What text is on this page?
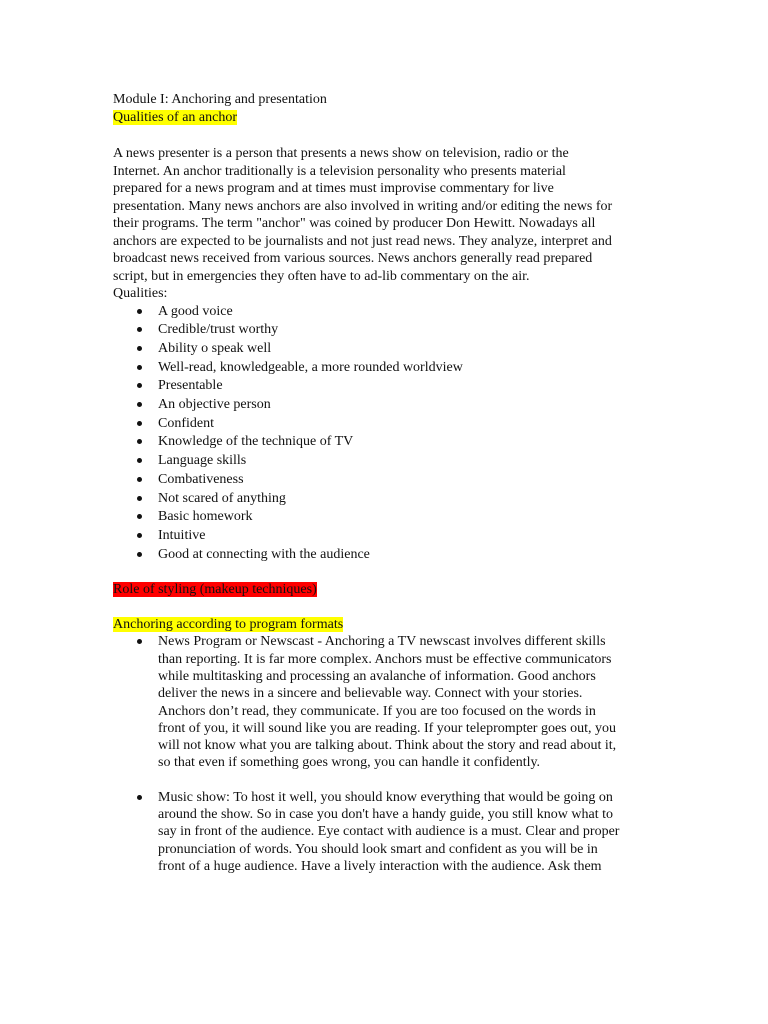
Module I: Anchoring and presentation

Qualities of an anchor

A news presenter is a person that presents a news show on television, radio or the

Internet. An anchor traditionally is a television personality who presents material

prepared for a news program and at times must improvise commentary for live

presentation. Many news anchors are also involved in writing and/or editing the news for

their programs. The term "anchor" was coined by producer Don Hewitt. Nowadays all

anchors are expected to be journalists and not just read news. They analyze, interpret and

broadcast news received from various sources. News anchors generally read prepared

script, but in emergencies they often have to ad-lib commentary on the air.

Qualities:

A good voice
Credible/trust worthy
Ability o speak well
Well-read, knowledgeable, a more rounded worldview
Presentable
An objective person
Confident
Knowledge of the technique of TV
Language skills
Combativeness
Not scared of anything
Basic homework
Intuitive
Good at connecting with the audience

Role of styling (makeup techniques)

Anchoring according to program formats

News Program or Newscast - Anchoring a TV newscast involves different skills

than reporting. It is far more complex. Anchors must be effective communicators

while multitasking and processing an avalanche of information. Good anchors

deliver the news in a sincere and believable way. Connect with your stories.

Anchors don’t read, they communicate. If you are too focused on the words in

front of you, it will sound like you are reading. If your teleprompter goes out, you

will not know what you are talking about. Think about the story and read about it,

so that even if something goes wrong, you can handle it confidently.

Music show: To host it well, you should know everything that would be going on

around the show. So in case you don't have a handy guide, you still know what to

say in front of the audience. Eye contact with audience is a must. Clear and proper

pronunciation of words. You should look smart and confident as you will be in

front of a huge audience. Have a lively interaction with the audience. Ask them
